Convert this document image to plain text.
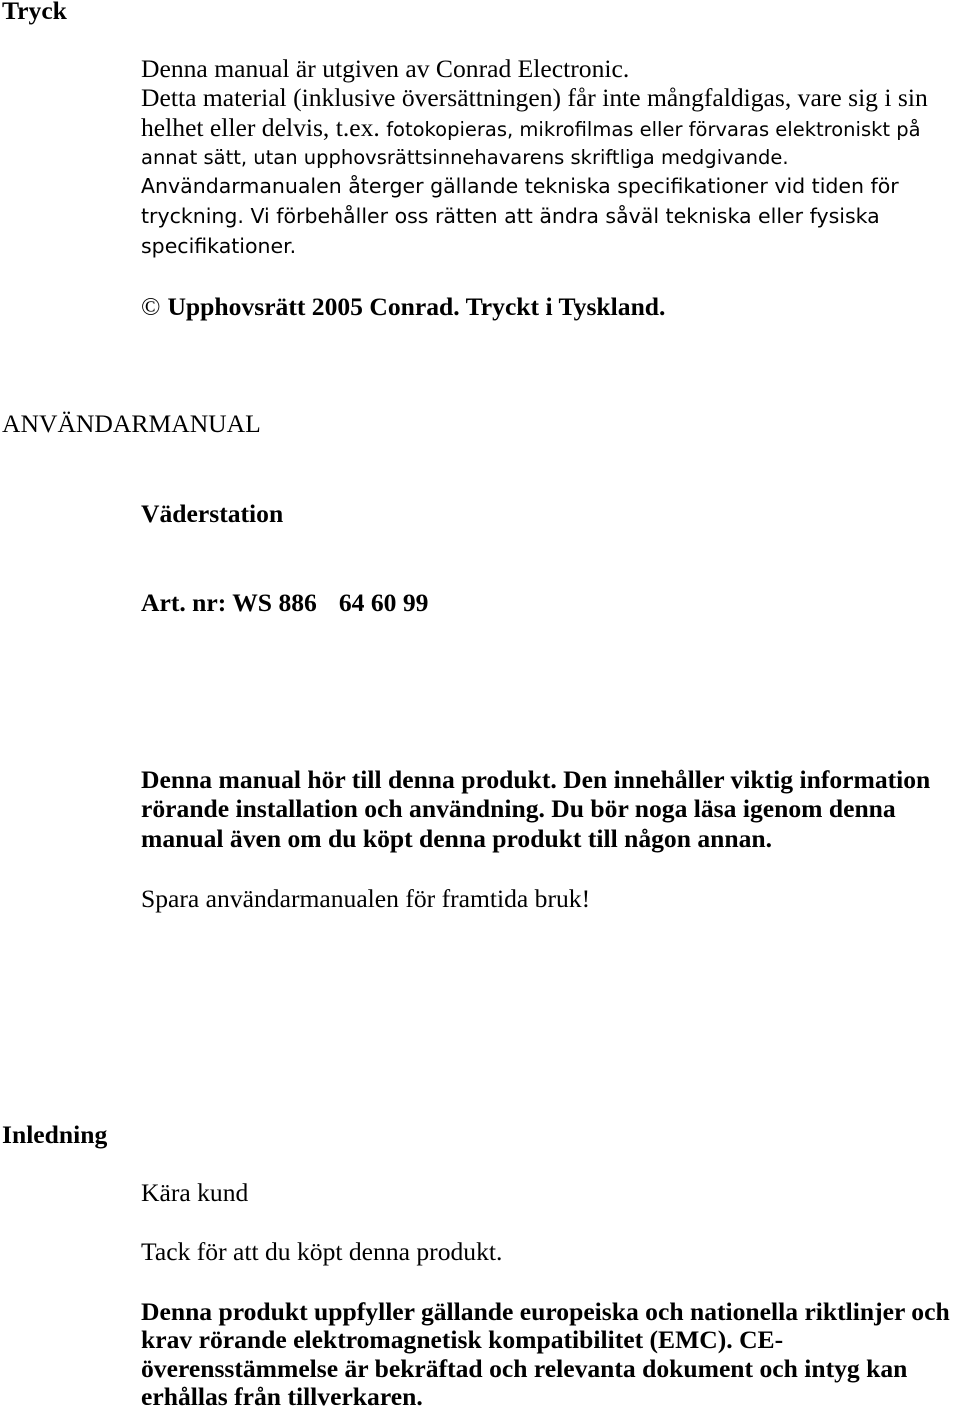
Tryck
Denna manual är utgiven av Conrad Electronic.
Detta material (inklusive översättningen) får inte mångfaldigas, vare sig i sin
helhet eller delvis, t.ex. fotokopieras, mikrofilmas eller förvaras elektroniskt på
annat sätt, utan upphovsrättsinnehavarens skriftliga medgivande.
Användarmanualen återger gällande tekniska specifikationer vid tiden för
tryckning. Vi förbehåller oss rätten att ändra såväl tekniska eller fysiska
specifikationer.
© Upphovsrätt 2005 Conrad. Tryckt i Tyskland.
ANVÄNDARMANUAL
Väderstation
Art. nr: WS 886 64 60 99
Denna manual hör till denna produkt. Den innehåller viktig information
rörande installation och användning. Du bör noga läsa igenom denna
manual även om du köpt denna produkt till någon annan.
Spara användarmanualen för framtida bruk!
Inledning
Kära kund
Tack för att du köpt denna produkt.
Denna produkt uppfyller gällande europeiska och nationella riktlinjer och
krav rörande elektromagnetisk kompatibilitet (EMC). CE-
överensstämmelse är bekräftad och relevanta dokument och intyg kan
erhållas från tillverkaren.
